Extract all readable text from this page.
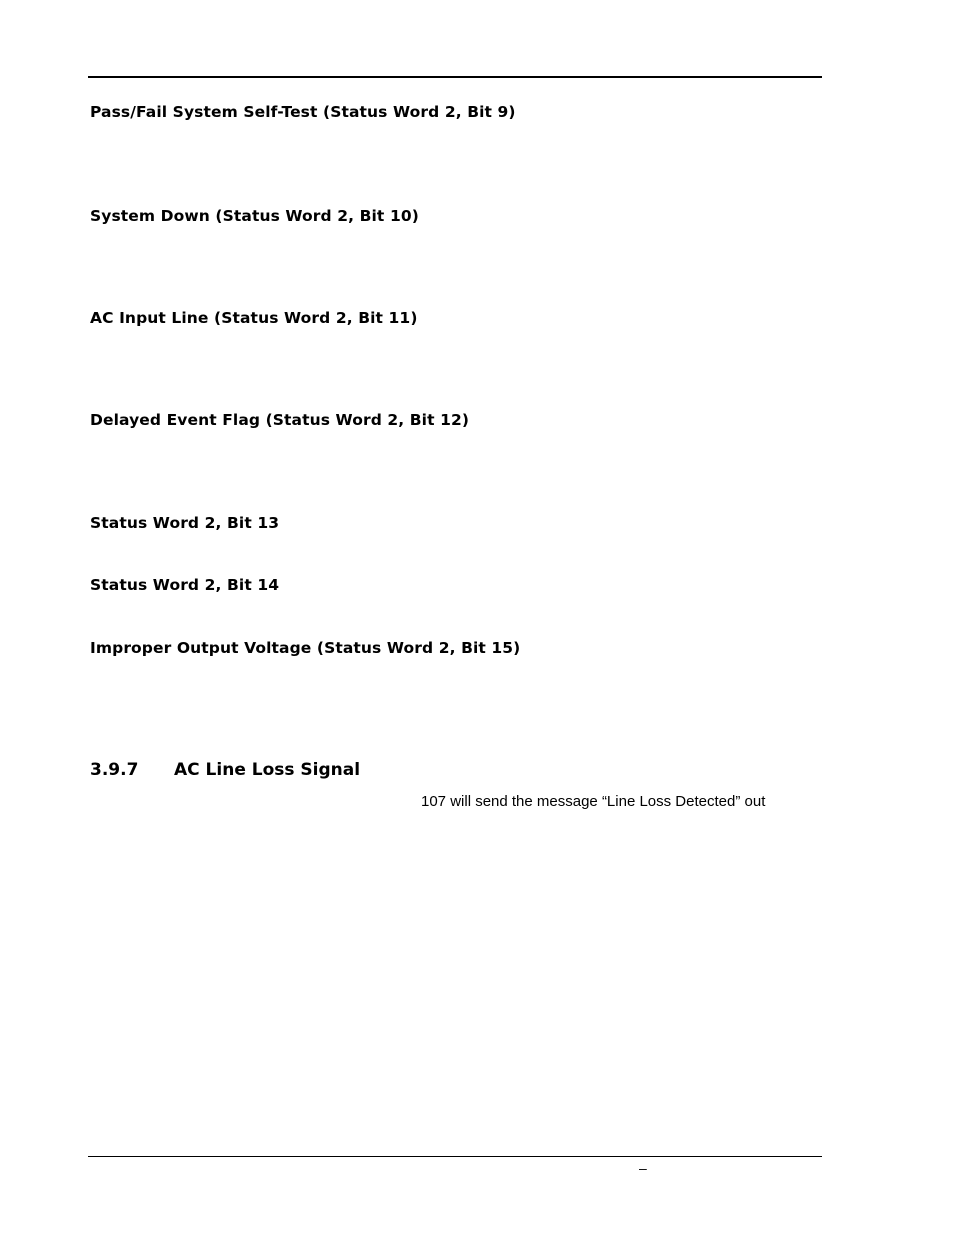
Pass/Fail System Self-Test (Status Word 2, Bit 9)
System Down (Status Word 2, Bit 10)
AC Input Line (Status Word 2, Bit 11)
Delayed Event Flag (Status Word 2, Bit 12)
Status Word 2, Bit 13
Status Word 2, Bit 14
Improper Output Voltage (Status Word 2, Bit 15)
3.9.7 AC Line Loss Signal

107 will send the message “Line Loss Detected” out

–
